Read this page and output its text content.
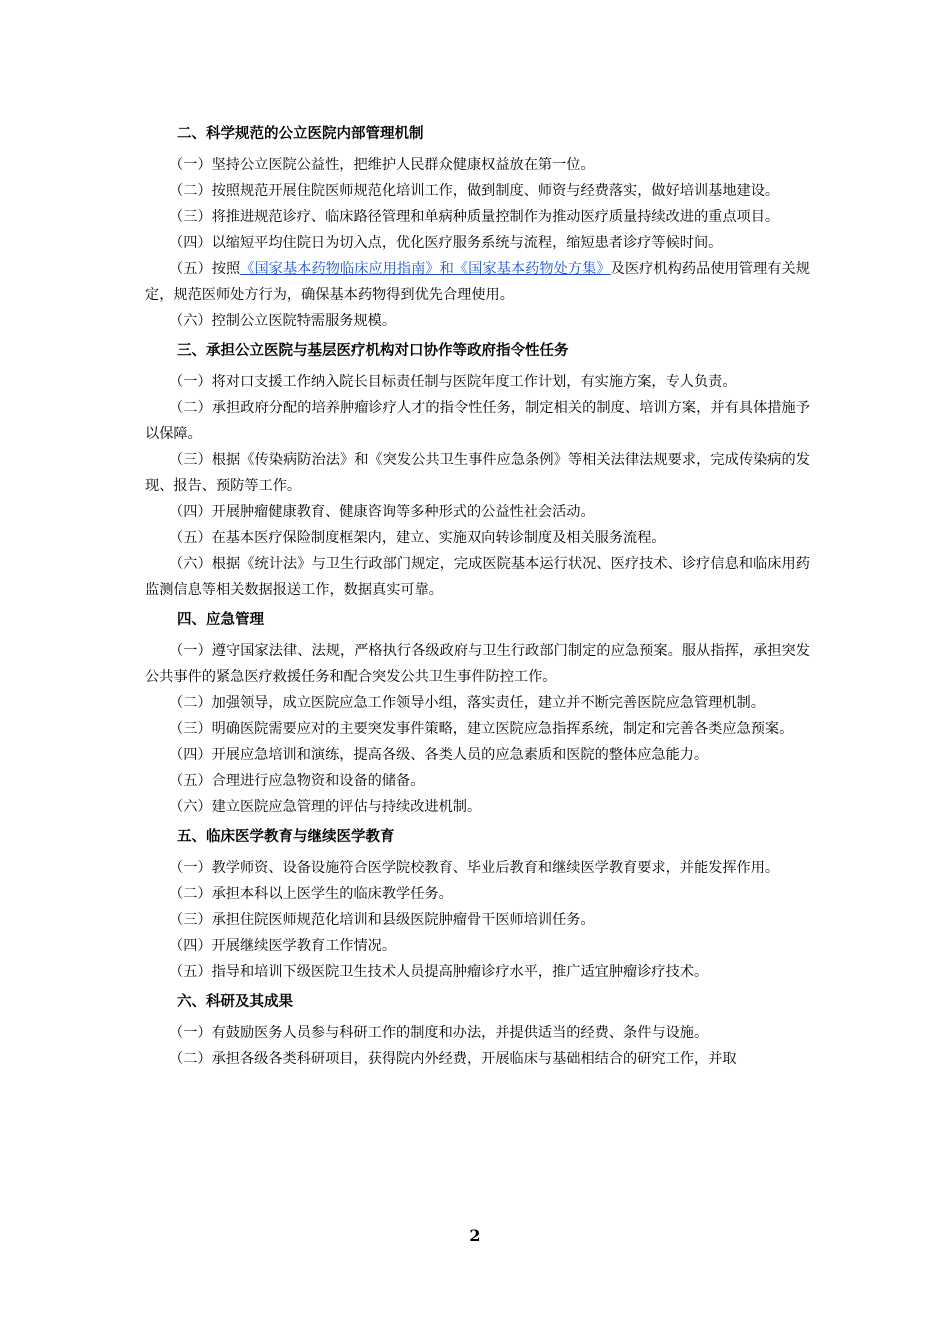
二、科学规范的公立医院内部管理机制

（一）坚持公立医院公益性，把维护人民群众健康权益放在第一位。

（二）按照规范开展住院医师规范化培训工作，做到制度、师资与经费落实，做好培训基地建设。

（三）将推进规范诊疗、临床路径管理和单病种质量控制作为推动医疗质量持续改进的重点项目。

（四）以缩短平均住院日为切入点，优化医疗服务系统与流程，缩短患者诊疗等候时间。

（五）按照《国家基本药物临床应用指南》和《国家基本药物处方集》及医疗机构药品使用管理有关规定，规范医师处方行为，确保基本药物得到优先合理使用。

（六）控制公立医院特需服务规模。

三、承担公立医院与基层医疗机构对口协作等政府指令性任务

（一）将对口支援工作纳入院长目标责任制与医院年度工作计划，有实施方案，专人负责。

（二）承担政府分配的培养肿瘤诊疗人才的指令性任务，制定相关的制度、培训方案，并有具体措施予以保障。

（三）根据《传染病防治法》和《突发公共卫生事件应急条例》等相关法律法规要求，完成传染病的发现、报告、预防等工作。

（四）开展肿瘤健康教育、健康咨询等多种形式的公益性社会活动。

（五）在基本医疗保险制度框架内，建立、实施双向转诊制度及相关服务流程。

（六）根据《统计法》与卫生行政部门规定，完成医院基本运行状况、医疗技术、诊疗信息和临床用药监测信息等相关数据报送工作，数据真实可靠。

四、应急管理

（一）遵守国家法律、法规，严格执行各级政府与卫生行政部门制定的应急预案。服从指挥，承担突发公共事件的紧急医疗救援任务和配合突发公共卫生事件防控工作。

（二）加强领导，成立医院应急工作领导小组，落实责任，建立并不断完善医院应急管理机制。

（三）明确医院需要应对的主要突发事件策略，建立医院应急指挥系统，制定和完善各类应急预案。

（四）开展应急培训和演练，提高各级、各类人员的应急素质和医院的整体应急能力。

（五）合理进行应急物资和设备的储备。

（六）建立医院应急管理的评估与持续改进机制。

五、临床医学教育与继续医学教育

（一）教学师资、设备设施符合医学院校教育、毕业后教育和继续医学教育要求，并能发挥作用。

（二）承担本科以上医学生的临床教学任务。

（三）承担住院医师规范化培训和县级医院肿瘤骨干医师培训任务。

（四）开展继续医学教育工作情况。

（五）指导和培训下级医院卫生技术人员提高肿瘤诊疗水平，推广适宜肿瘤诊疗技术。

六、科研及其成果

（一）有鼓励医务人员参与科研工作的制度和办法，并提供适当的经费、条件与设施。

（二）承担各级各类科研项目，获得院内外经费，开展临床与基础相结合的研究工作，并取

2
